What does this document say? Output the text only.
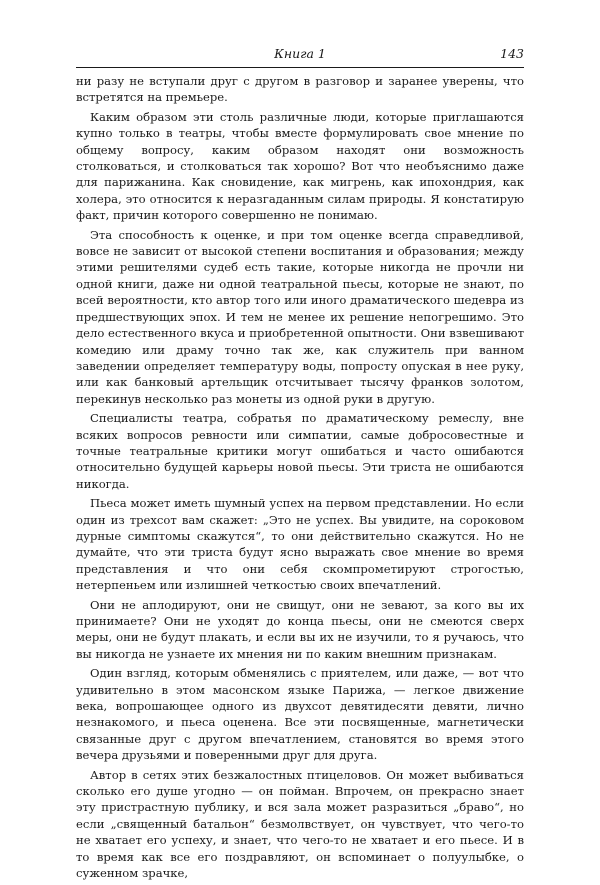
Книга 1	143

ни разу не вступали друг с другом в разговор и заранее уверены, что встретятся на премьере.

Каким образом эти столь различные люди, которые приглашаются купно только в театры, чтобы вместе формулировать свое мнение по общему вопросу, каким образом находят они возможность столковаться, и столковаться так хорошо? Вот что необъяснимо даже для парижанина. Как сновидение, как мигрень, как ипохондрия, как холера, это относится к неразгаданным силам природы. Я констатирую факт, причин которого совершенно не понимаю.

Эта способность к оценке, и при том оценке всегда справедливой, вовсе не зависит от высокой степени воспитания и образования; между этими решителями судеб есть такие, которые никогда не прочли ни одной книги, даже ни одной театральной пьесы, которые не знают, по всей вероятности, кто автор того или иного драматического шедевра из предшествующих эпох. И тем не менее их решение непогрешимо. Это дело естественного вкуса и приобретенной опытности. Они взвешивают комедию или драму точно так же, как служитель при ванном заведении определяет температуру воды, попросту опуская в нее руку, или как банковый артельщик отсчитывает тысячу франков золотом, перекинув несколько раз монеты из одной руки в другую.

Специалисты театра, собратья по драматическому ремеслу, вне всяких вопросов ревности или симпатии, самые добросовестные и точные театральные критики могут ошибаться и часто ошибаются относительно будущей карьеры новой пьесы. Эти триста не ошибаются никогда.

Пьеса может иметь шумный успех на первом представлении. Но если один из трехсот вам скажет: „Это не успех. Вы увидите, на сороковом дурные симптомы скажутся“, то они действительно скажутся. Но не думайте, что эти триста будут ясно выражать свое мнение во время представления и что они себя скомпрометируют строгостью, нетерпеньем или излишней четкостью своих впечатлений.

Они не аплодируют, они не свищут, они не зевают, за кого вы их принимаете? Они не уходят до конца пьесы, они не смеются сверх меры, они не будут плакать, и если вы их не изучили, то я ручаюсь, что вы никогда не узнаете их мнения ни по каким внешним признакам.

Один взгляд, которым обменялись с приятелем, или даже, — вот что удивительно в этом масонском языке Парижа, — легкое движение века, вопрошающее одного из двухсот девятидесяти девяти, лично незнакомого, и пьеса оценена. Все эти посвященные, магнетически связанные друг с другом впечатлением, становятся во время этого вечера друзьями и поверенными друг для друга.

Автор в сетях этих безжалостных птицеловов. Он может выбиваться сколько его душе угодно — он пойман. Впрочем, он прекрасно знает эту пристрастную публику, и вся зала может разразиться „браво“, но если „священный батальон“ безмолвствует, он чувствует, что чего-то не хватает его успеху, и знает, что чего-то не хватает и его пьесе. И в то время как все его поздравляют, он вспоминает о полуулыбке, о суженном зрачке,
